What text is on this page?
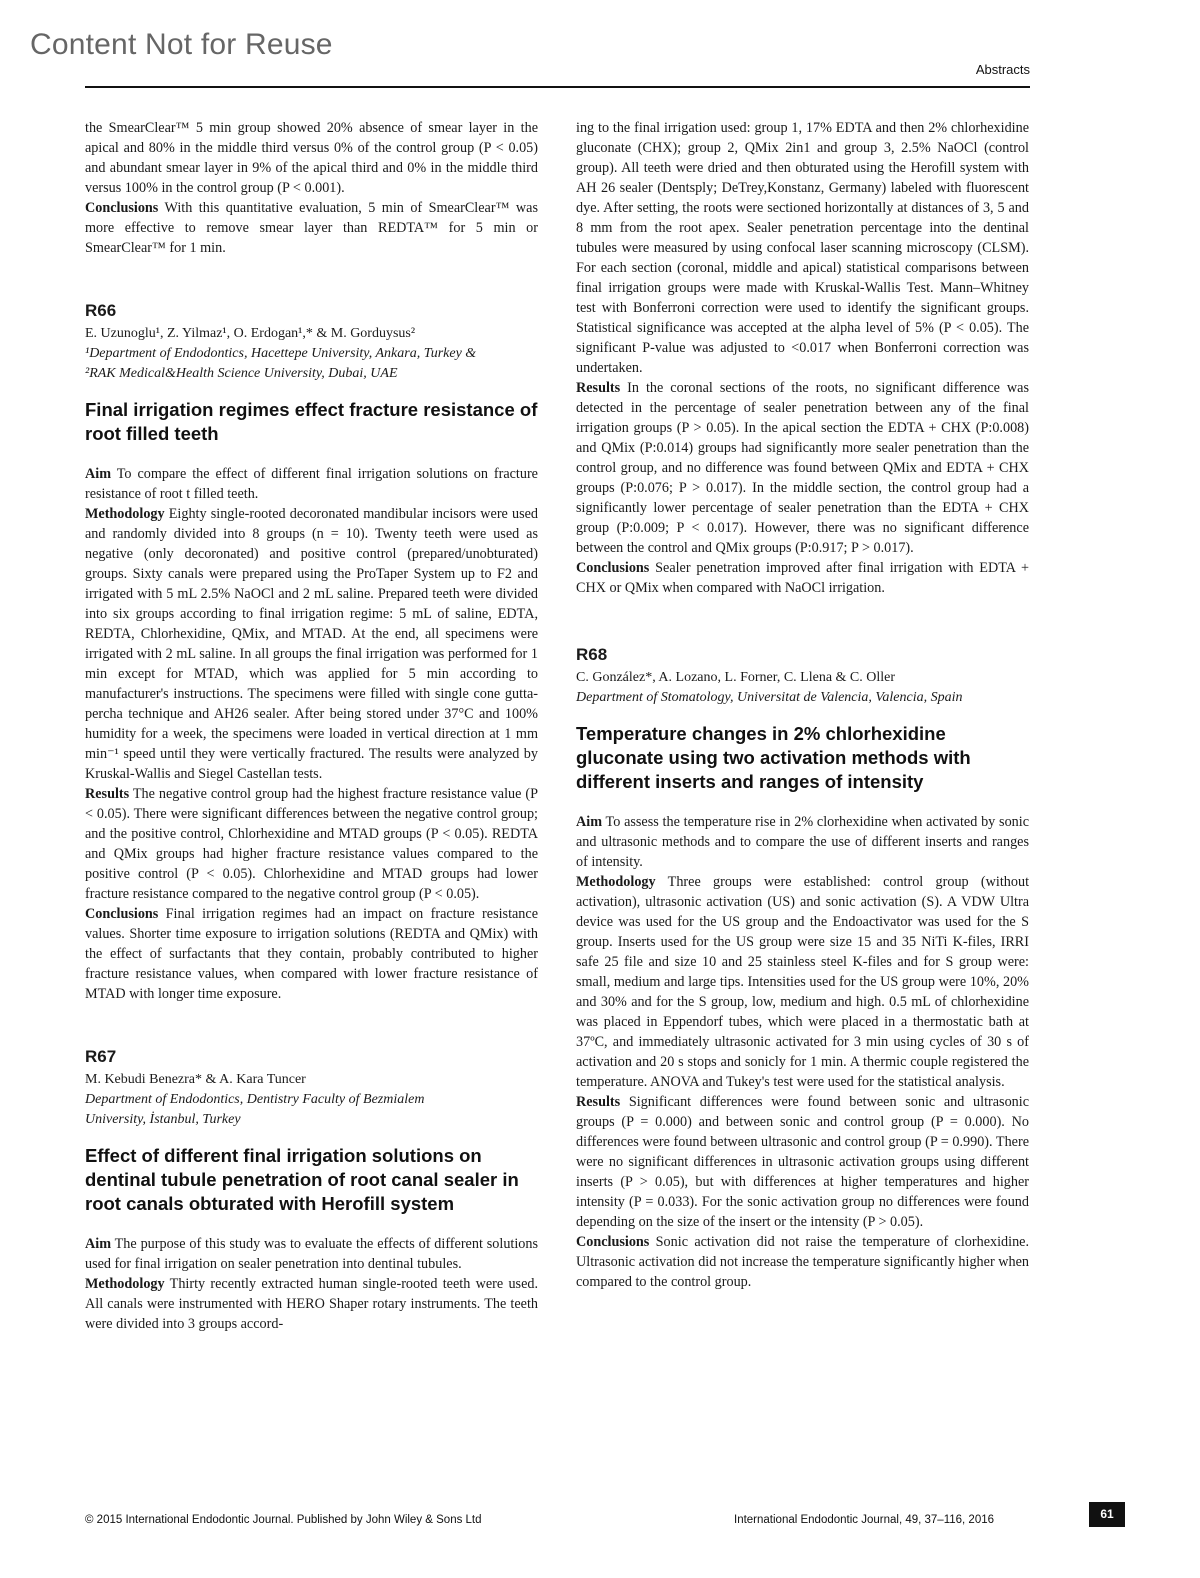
Content Not for Reuse
Abstracts

the SmearClear™ 5 min group showed 20% absence of smear layer in the apical and 80% in the middle third versus 0% of the control group (P < 0.05) and abundant smear layer in 9% of the apical third and 0% in the middle third versus 100% in the control group (P < 0.001).

Conclusions With this quantitative evaluation, 5 min of SmearClear™ was more effective to remove smear layer than REDTA™ for 5 min or SmearClear™ for 1 min.

R66

E. Uzunoglu¹, Z. Yilmaz¹, O. Erdogan¹,* & M. Gorduysus²

¹Department of Endodontics, Hacettepe University, Ankara, Turkey &

²RAK Medical&Health Science University, Dubai, UAE

Final irrigation regimes effect fracture resistance of root filled teeth

Aim To compare the effect of different final irrigation solutions on fracture resistance of root t filled teeth.

Methodology Eighty single-rooted decoronated mandibular incisors were used and randomly divided into 8 groups (n = 10). Twenty teeth were used as negative (only decoronated) and positive control (prepared/unobturated) groups. Sixty canals were prepared using the ProTaper System up to F2 and irrigated with 5 mL 2.5% NaOCl and 2 mL saline. Prepared teeth were divided into six groups according to final irrigation regime: 5 mL of saline, EDTA, REDTA, Chlorhexidine, QMix, and MTAD. At the end, all specimens were irrigated with 2 mL saline. In all groups the final irrigation was performed for 1 min except for MTAD, which was applied for 5 min according to manufacturer's instructions. The specimens were filled with single cone gutta-percha technique and AH26 sealer. After being stored under 37°C and 100% humidity for a week, the specimens were loaded in vertical direction at 1 mm min⁻¹ speed until they were vertically fractured. The results were analyzed by Kruskal-Wallis and Siegel Castellan tests.

Results The negative control group had the highest fracture resistance value (P < 0.05). There were significant differences between the negative control group; and the positive control, Chlorhexidine and MTAD groups (P < 0.05). REDTA and QMix groups had higher fracture resistance values compared to the positive control (P < 0.05). Chlorhexidine and MTAD groups had lower fracture resistance compared to the negative control group (P < 0.05).

Conclusions Final irrigation regimes had an impact on fracture resistance values. Shorter time exposure to irrigation solutions (REDTA and QMix) with the effect of surfactants that they contain, probably contributed to higher fracture resistance values, when compared with lower fracture resistance of MTAD with longer time exposure.

R67

M. Kebudi Benezra* & A. Kara Tuncer

Department of Endodontics, Dentistry Faculty of Bezmialem

University, İstanbul, Turkey

Effect of different final irrigation solutions on dentinal tubule penetration of root canal sealer in root canals obturated with Herofill system

Aim The purpose of this study was to evaluate the effects of different solutions used for final irrigation on sealer penetration into dentinal tubules.

Methodology Thirty recently extracted human single-rooted teeth were used. All canals were instrumented with HERO Shaper rotary instruments. The teeth were divided into 3 groups accord-

ing to the final irrigation used: group 1, 17% EDTA and then 2% chlorhexidine gluconate (CHX); group 2, QMix 2in1 and group 3, 2.5% NaOCl (control group). All teeth were dried and then obturated using the Herofill system with AH 26 sealer (Dentsply; DeTrey,Konstanz, Germany) labeled with fluorescent dye. After setting, the roots were sectioned horizontally at distances of 3, 5 and 8 mm from the root apex. Sealer penetration percentage into the dentinal tubules were measured by using confocal laser scanning microscopy (CLSM). For each section (coronal, middle and apical) statistical comparisons between final irrigation groups were made with Kruskal-Wallis Test. Mann–Whitney test with Bonferroni correction were used to identify the significant groups. Statistical significance was accepted at the alpha level of 5% (P < 0.05). The significant P-value was adjusted to <0.017 when Bonferroni correction was undertaken.

Results In the coronal sections of the roots, no significant difference was detected in the percentage of sealer penetration between any of the final irrigation groups (P > 0.05). In the apical section the EDTA + CHX (P:0.008) and QMix (P:0.014) groups had significantly more sealer penetration than the control group, and no difference was found between QMix and EDTA + CHX groups (P:0.076; P > 0.017). In the middle section, the control group had a significantly lower percentage of sealer penetration than the EDTA + CHX group (P:0.009; P < 0.017). However, there was no significant difference between the control and QMix groups (P:0.917; P > 0.017).

Conclusions Sealer penetration improved after final irrigation with EDTA + CHX or QMix when compared with NaOCl irrigation.

R68

C. González*, A. Lozano, L. Forner, C. Llena & C. Oller

Department of Stomatology, Universitat de Valencia, Valencia, Spain

Temperature changes in 2% chlorhexidine gluconate using two activation methods with different inserts and ranges of intensity

Aim To assess the temperature rise in 2% clorhexidine when activated by sonic and ultrasonic methods and to compare the use of different inserts and ranges of intensity.

Methodology Three groups were established: control group (without activation), ultrasonic activation (US) and sonic activation (S). A VDW Ultra device was used for the US group and the Endoactivator was used for the S group. Inserts used for the US group were size 15 and 35 NiTi K-files, IRRI safe 25 file and size 10 and 25 stainless steel K-files and for S group were: small, medium and large tips. Intensities used for the US group were 10%, 20% and 30% and for the S group, low, medium and high. 0.5 mL of chlorhexidine was placed in Eppendorf tubes, which were placed in a thermostatic bath at 37ºC, and immediately ultrasonic activated for 3 min using cycles of 30 s of activation and 20 s stops and sonicly for 1 min. A thermic couple registered the temperature. ANOVA and Tukey's test were used for the statistical analysis.

Results Significant differences were found between sonic and ultrasonic groups (P = 0.000) and between sonic and control group (P = 0.000). No differences were found between ultrasonic and control group (P = 0.990). There were no significant differences in ultrasonic activation groups using different inserts (P > 0.05), but with differences at higher temperatures and higher intensity (P = 0.033). For the sonic activation group no differences were found depending on the size of the insert or the intensity (P > 0.05).

Conclusions Sonic activation did not raise the temperature of clorhexidine. Ultrasonic activation did not increase the temperature significantly higher when compared to the control group.

© 2015 International Endodontic Journal. Published by John Wiley & Sons Ltd	International Endodontic Journal, 49, 37–116, 2016	61
